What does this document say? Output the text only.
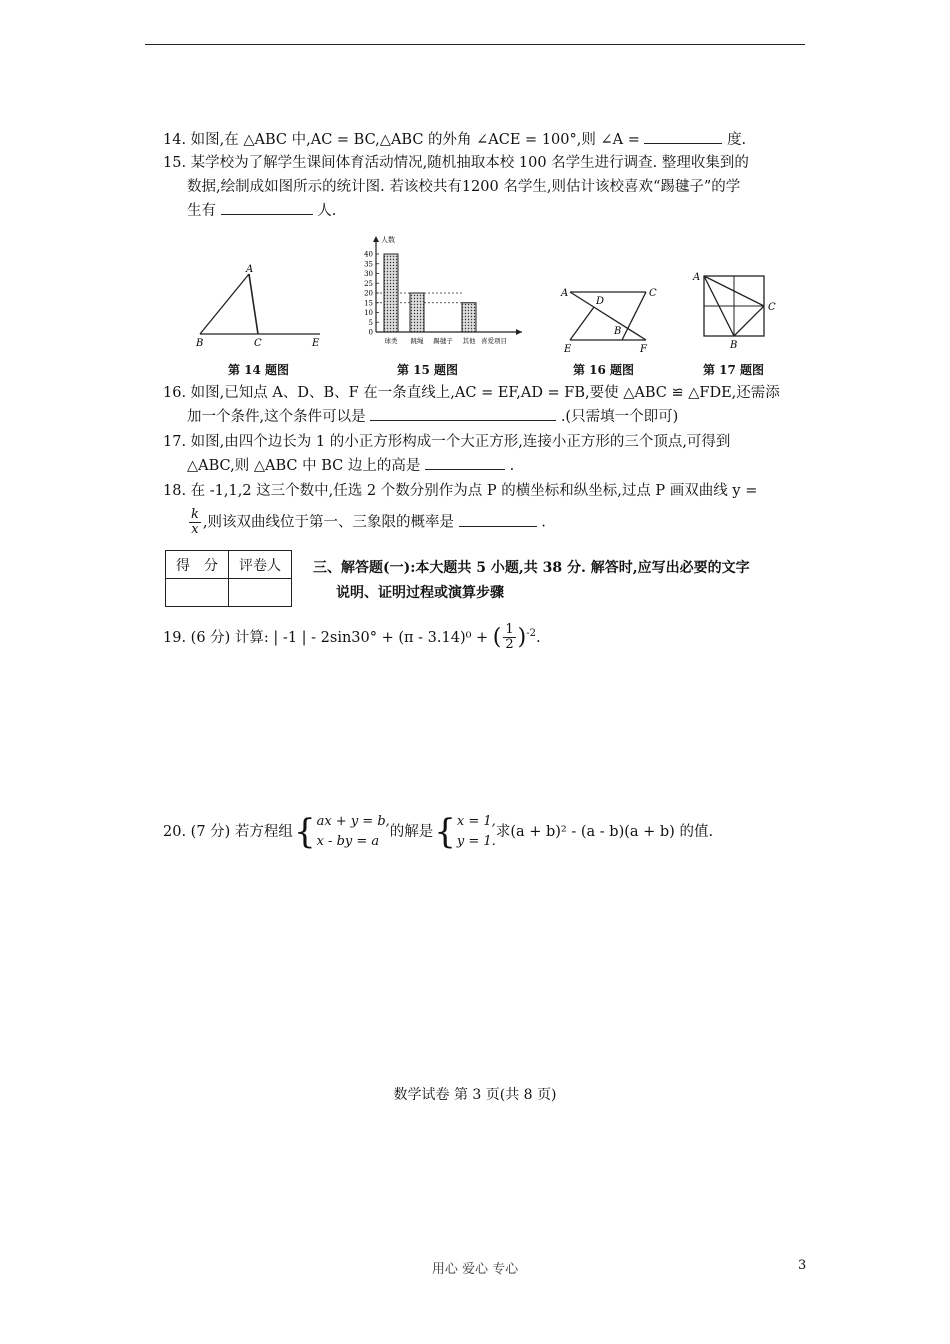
14. 如图,在 △ABC 中,AC = BC,△ABC 的外角 ∠ACE = 100°,则 ∠A =	度.
15. 某学校为了解学生课间体育活动情况,随机抽取本校 100 名学生进行调查. 整理收集到的
数据,绘制成如图所示的统计图. 若该校共有1200 名学生,则估计该校喜欢“踢毽子”的学
生有	人.
A
B	C	E
第 14 题图
人数
0
5
10
15
20
25
30
35
40
球类 跳绳 踢毽子 其他 喜爱项目
第 15 题图
A	C
D
B
E	F
第 16 题图
A
C
B
第 17 题图
16. 如图,已知点 A、D、B、F 在一条直线上,AC = EF,AD = FB,要使 △ABC ≌ △FDE,还需添
加一个条件,这个条件可以是	.(只需填一个即可)
17. 如图,由四个边长为 1 的小正方形构成一个大正方形,连接小正方形的三个顶点,可得到
△ABC,则 △ABC 中 BC 边上的高是	.
18. 在 -1,1,2 这三个数中,任选 2 个数分别作为点 P 的横坐标和纵坐标,过点 P 画双曲线 y =
$\frac{k}{x}$ ,则该双曲线位于第一、三象限的概率是	.
得　分	评卷人
	三、解答题(一):本大题共 5 小题,共 38 分. 解答时,应写出必要的文字
说明、证明过程或演算步骤
19. (6 分) 计算: | -1 | - 2sin30° + (π - 3.14)⁰ + ( $\frac{1}{2} )^{-2}$.
20. (7 分) 若方程组{ ax + y = b,
x - by = a
的解是{ x = 1,
y = 1.
求(a + b)² - (a - b)(a + b) 的值.
数学试卷 第 3 页(共 8 页)
用心 爱心 专心	3
